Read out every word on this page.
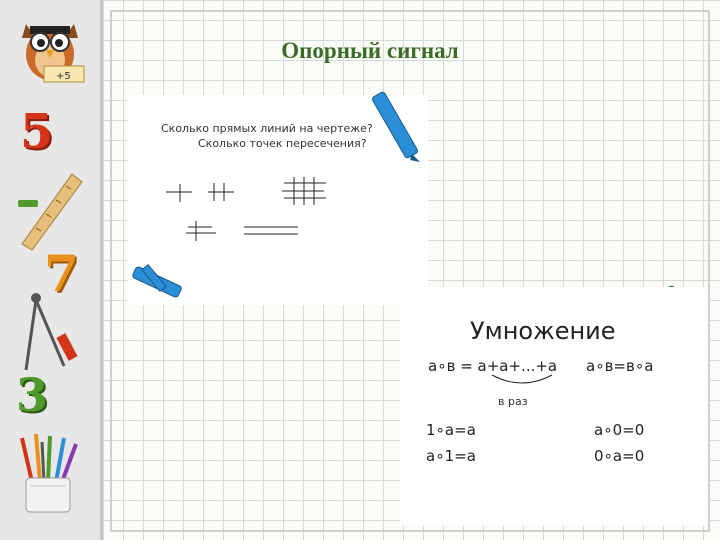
+5
5
7
3
Опорный сигнал
Сколько прямых линий на чертеже?
Сколько точек пересечения?
Умножение
a∘в = a+a+...+a a∘в=в∘a
в раз
1∘a=a	a∘0=0
a∘1=a	0∘a=0
